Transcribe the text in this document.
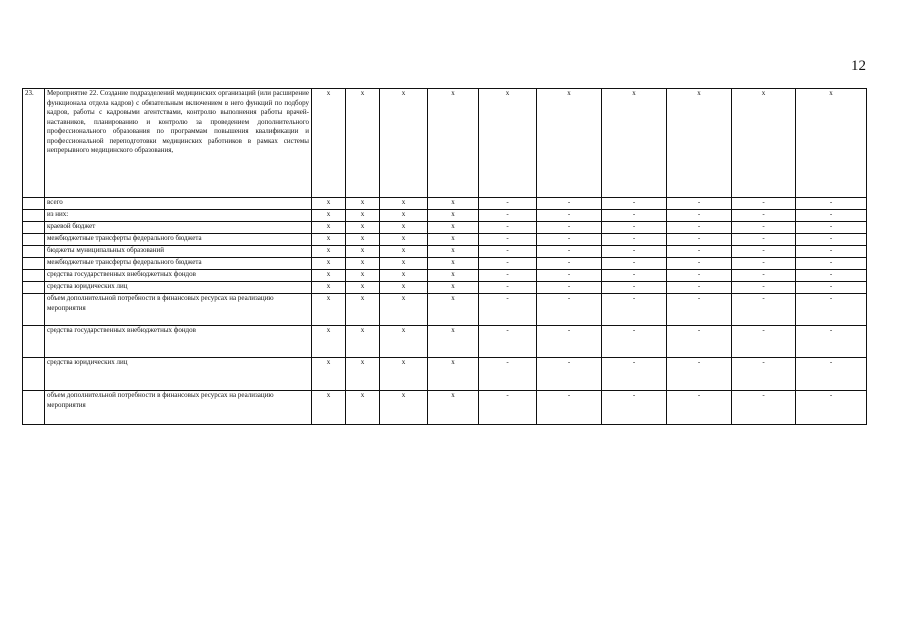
12
23.	Мероприятие 22. Создание подразделений медицинских организаций (или расширение функционала отдела кадров) с обязательным включением в него функций по подбору кадров, работы с кадровыми агентствами, контролю выполнения работы врачей-наставников, планированию и контролю за проведением дополнительного профессионального образования по программам повышения квалификации и профессиональной переподготовки медицинских работников в рамках системы непрерывного медицинского образования,	x	x	x	x	x	x	x	x	x	x
	всего	x	x	x	x	-	-	-	-	-	-
	из них:	x	x	x	x	-	-	-	-	-	-
	краевой бюджет	x	x	x	x	-	-	-	-	-	-
	межбюджетные трансферты федерального бюджета	x	x	x	x	-	-	-	-	-	-
	бюджеты муниципальных образований	x	x	x	x	-	-	-	-	-	-
	межбюджетные трансферты федерального бюджета	x	x	x	x	-	-	-	-	-	-
	средства государственных внебюджетных фондов	x	x	x	x	-	-	-	-	-	-
	средства юридических лиц	x	x	x	x	-	-	-	-	-	-
	объем дополнительной потребности в финансовых ресурсах на реализацию мероприятия	x	x	x	x	-	-	-	-	-	-
	средства государственных внебюджетных фондов	x	x	x	x	-	-	-	-	-	-
	средства юридических лиц	x	x	x	x	-	-	-	-	-	-
	объем дополнительной потребности в финансовых ресурсах на реализацию мероприятия	x	x	x	x	-	-	-	-	-	-
